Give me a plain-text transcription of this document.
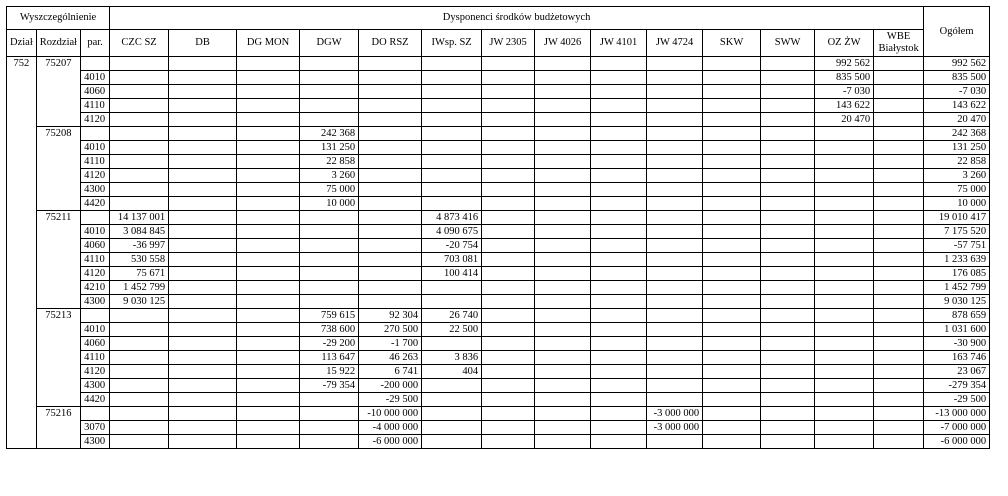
Wyszczególnienie			Dysponenci środków budżetowych														Ogółem
Dział	Rozdział	par.	CZC SZ	DB	DG MON	DGW	DO RSZ	IWsp. SZ	JW 2305	JW 4026	JW 4101	JW 4724	SKW	SWW	OZ ŻW	WBE Białystok	
752	75207														992 562		992 562
		4010													835 500		835 500
		4060													-7 030		-7 030
		4110													143 622		143 622
		4120													20 470		20 470
	75208					242 368											242 368
		4010				131 250											131 250
		4110				22 858											22 858
		4120				3 260											3 260
		4300				75 000											75 000
		4420				10 000											10 000
	75211		14 137 001					4 873 416									19 010 417
		4010	3 084 845					4 090 675									7 175 520
		4060	-36 997					-20 754									-57 751
		4110	530 558					703 081									1 233 639
		4120	75 671					100 414									176 085
		4210	1 452 799														1 452 799
		4300	9 030 125														9 030 125
	75213					759 615	92 304	26 740									878 659
		4010				738 600	270 500	22 500									1 031 600
		4060				-29 200	-1 700										-30 900
		4110				113 647	46 263	3 836									163 746
		4120				15 922	6 741	404									23 067
		4300				-79 354	-200 000										-279 354
		4420					-29 500										-29 500
	75216						-10 000 000					-3 000 000					-13 000 000
		3070					-4 000 000					-3 000 000					-7 000 000
		4300					-6 000 000										-6 000 000
